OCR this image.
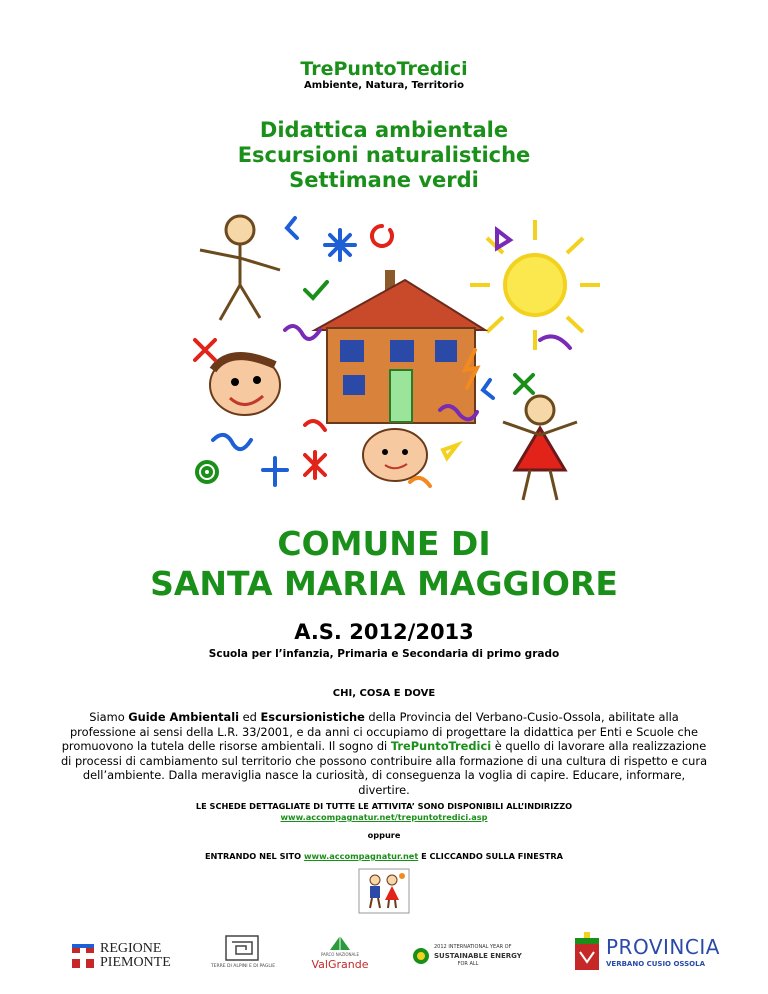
TrePuntoTredici
Ambiente, Natura, Territorio
Didattica ambientale
Escursioni naturalistiche
Settimane verdi
COMUNE DI
SANTA MARIA MAGGIORE
A.S. 2012/2013
Scuola per l’infanzia, Primaria e Secondaria di primo grado
CHI, COSA E DOVE
Siamo Guide Ambientali ed Escursionistiche della Provincia del Verbano-Cusio-Ossola, abilitate alla professione ai sensi della L.R. 33/2001, e da anni ci occupiamo di progettare la didattica per Enti e Scuole che promuovono la tutela delle risorse ambientali. Il sogno di TrePuntoTredici è quello di lavorare alla realizzazione di processi di cambiamento sul territorio che possono contribuire alla formazione di una cultura di rispetto e cura dell’ambiente. Dalla meraviglia nasce la curiosità, di conseguenza la voglia di capire. Educare, informare, divertire.
LE SCHEDE DETTAGLIATE DI TUTTE LE ATTIVITA’ SONO DISPONIBILI ALL’INDIRIZZO
www.accompagnatur.net/trepuntotredici.asp
oppure
ENTRANDO NEL SITO www.accompagnatur.net E CLICCANDO SULLA FINESTRA
REGIONE
PIEMONTE	TERRE DI ALPINI E DI PAGLIE
PARCO NAZIONALE
ValGrande
2012 INTERNATIONAL YEAR OF
SUSTAINABLE ENERGY
FOR ALL
PROVINCIA
VERBANO CUSIO OSSOLA
